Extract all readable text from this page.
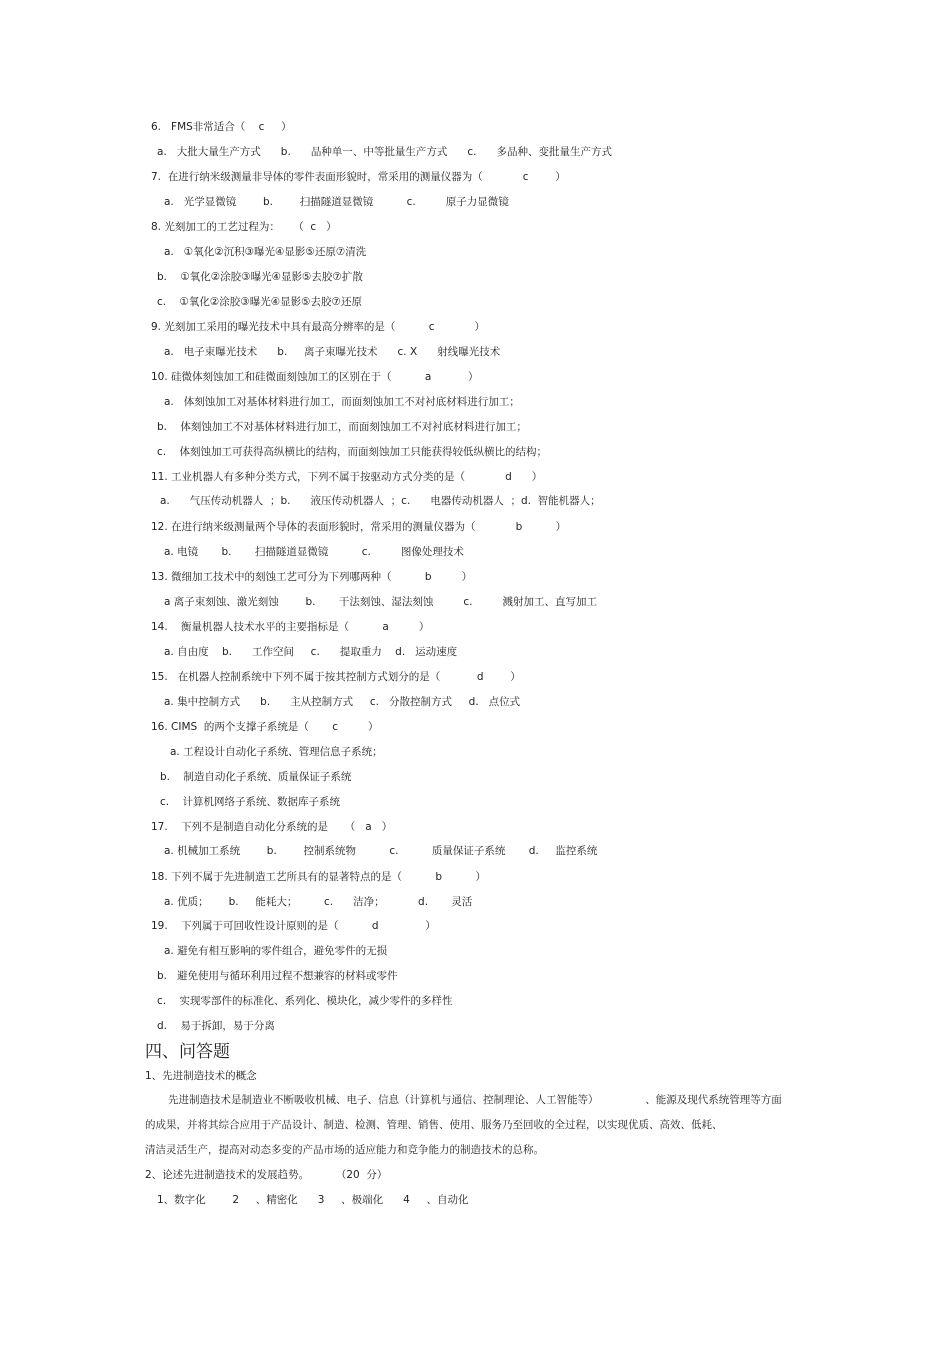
6.   FMS非常适合（    c     ）
a.   大批大量生产方式      b.      品种单一、中等批量生产方式      c.      多品种、变批量生产方式
7.  在进行纳米级测量非导体的零件表面形貌时，常采用的测量仪器为（            c        ）
a.   光学显微镜        b.        扫描隧道显微镜          c.         原子力显微镜
8. 光刻加工的工艺过程为：    （  c   ）
a.   ①氧化②沉积③曝光④显影⑤还原⑦清洗
b.    ①氧化②涂胶③曝光④显影⑤去胶⑦扩散
c.    ①氧化②涂胶③曝光④显影⑤去胶⑦还原
9. 光刻加工采用的曝光技术中具有最高分辨率的是（          c            ）
a.   电子束曝光技术      b.     离子束曝光技术      c. X      射线曝光技术
10. 硅微体刻蚀加工和硅微面刻蚀加工的区别在于（          a           ）
a.   体刻蚀加工对基体材料进行加工，而面刻蚀加工不对衬底材料进行加工；
b.    体刻蚀加工不对基体材料进行加工，而面刻蚀加工不对衬底材料进行加工；
c.    体刻蚀加工可获得高纵横比的结构，而面刻蚀加工只能获得较低纵横比的结构；
11. 工业机器人有多种分类方式，下列不属于按驱动方式分类的是（            d      ）
a.      气压传动机器人  ；b.      液压传动机器人  ；c.      电器传动机器人  ；d.  智能机器人；
12. 在进行纳米级测量两个导体的表面形貌时，常采用的测量仪器为（            b          ）
a. 电镜       b.       扫描隧道显微镜          c.         图像处理技术
13. 微细加工技术中的刻蚀工艺可分为下列哪两种（          b         ）
a 离子束刻蚀、激光刻蚀        b.       干法刻蚀、湿法刻蚀         c.         溅射加工、直写加工
14.    衡量机器人技术水平的主要指标是（          a         ）
a. 自由度    b.      工作空间     c.      提取重力    d.   运动速度
15.   在机器人控制系统中下列不属于按其控制方式划分的是（           d        ）
a. 集中控制方式      b.      主从控制方式     c.   分散控制方式     d.   点位式
16. CIMS  的两个支撑子系统是（       c         ）
a. 工程设计自动化子系统、管理信息子系统；
b.    制造自动化子系统、质量保证子系统
c.    计算机网络子系统、数据库子系统
17.    下列不是制造自动化分系统的是     （   a   ）
a. 机械加工系统        b.        控制系统物          c.          质量保证子系统       d.     监控系统
18. 下列不属于先进制造工艺所具有的显著特点的是（          b          ）
a. 优质；      b.     能耗大；        c.      洁净；          d.       灵活
19.    下列属于可回收性设计原则的是（          d              ）
a. 避免有相互影响的零件组合，避免零件的无损
b.   避免使用与循环利用过程不想兼容的材料或零件
c.    实现零部件的标准化、系列化、模块化，减少零件的多样性
d.    易于拆卸，易于分离
四、问答题
1、先进制造技术的概念
先进制造技术是制造业不断吸收机械、电子、信息（计算机与通信、控制理论、人工智能等）              、能源及现代系统管理等方面
的成果，并将其综合应用于产品设计、制造、检测、管理、销售、使用、服务乃至回收的全过程，以实现优质、高效、低耗、
清洁灵活生产，提高对动态多变的产品市场的适应能力和竞争能力的制造技术的总称。
2、论述先进制造技术的发展趋势。        （20  分）
1、数字化        2     、精密化      3     、极端化      4     、自动化
